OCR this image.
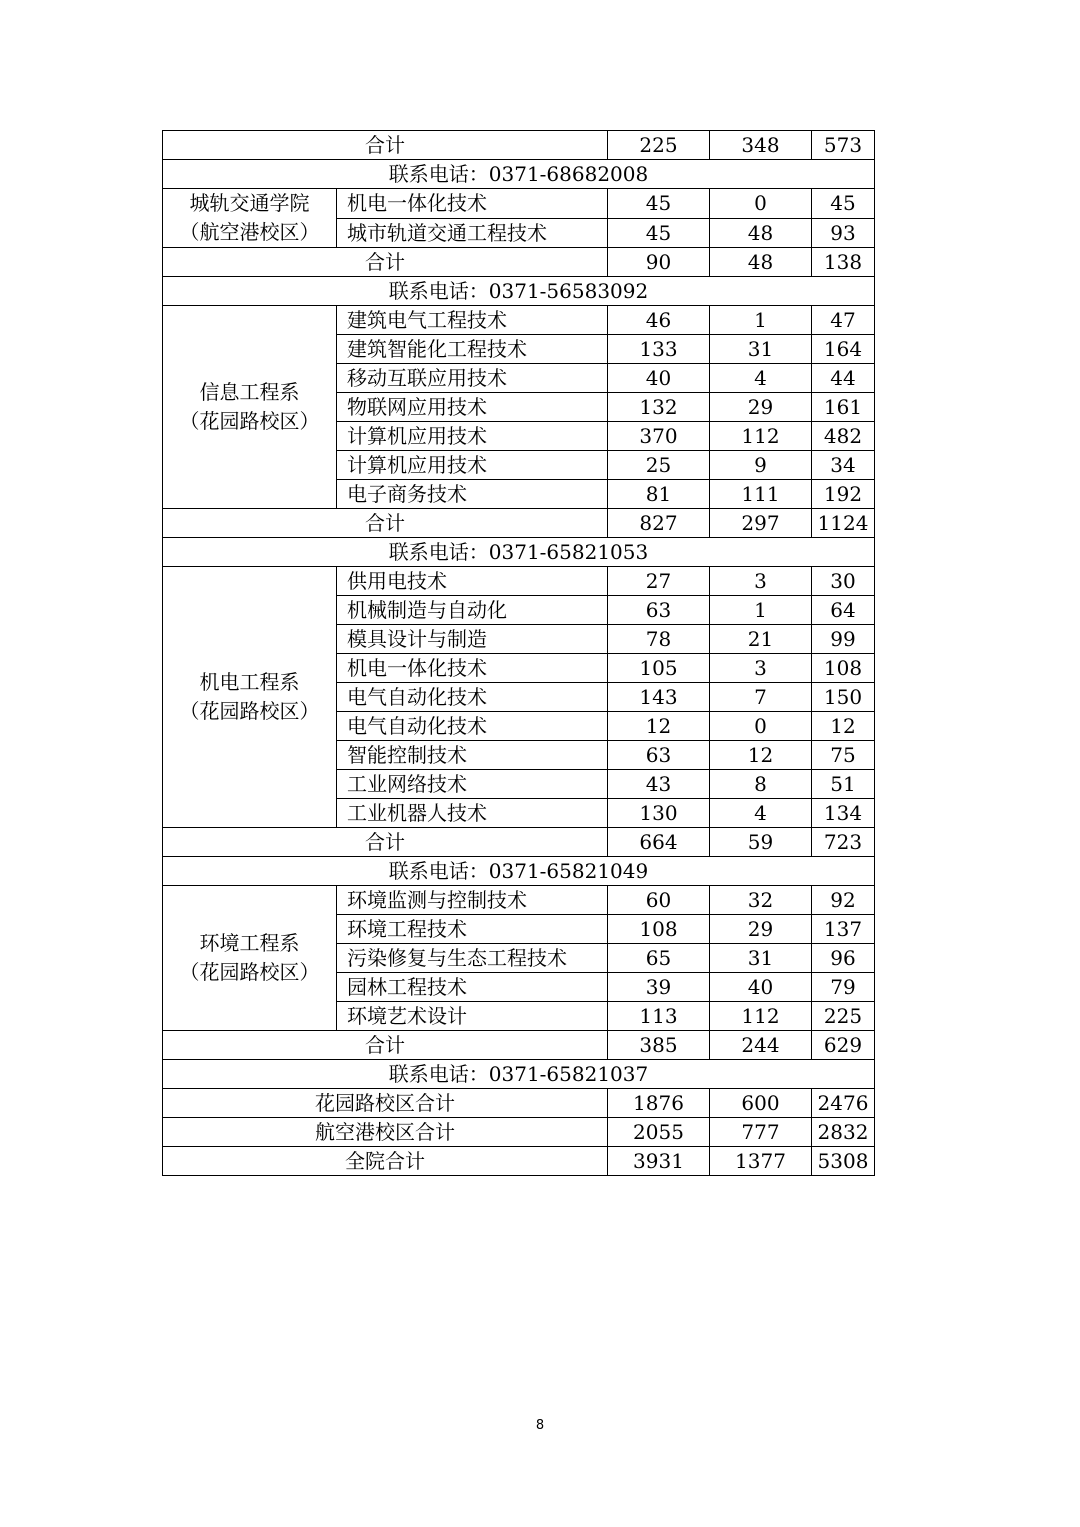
合计		225	348	573
联系电话：0371-68682008				

城轨交通学院
（航空港校区）	机电一体化技术	45	0	45
	城市轨道交通工程技术	45	48	93
合计		90	48	138
联系电话：0371-56583092				

信息工程系
（花园路校区）	建筑电气工程技术	46	1	47
	建筑智能化工程技术	133	31	164
	移动互联应用技术	40	4	44
	物联网应用技术	132	29	161
	计算机应用技术	370	112	482
	计算机应用技术	25	9	34
	电子商务技术	81	111	192
合计		827	297	1124
联系电话：0371-65821053				

机电工程系
（花园路校区）	供用电技术	27	3	30
	机械制造与自动化	63	1	64
	模具设计与制造	78	21	99
	机电一体化技术	105	3	108
	电气自动化技术	143	7	150
	电气自动化技术	12	0	12
	智能控制技术	63	12	75
	工业网络技术	43	8	51
	工业机器人技术	130	4	134
合计		664	59	723
联系电话：0371-65821049				

环境工程系
（花园路校区）	环境监测与控制技术	60	32	92
	环境工程技术	108	29	137
	污染修复与生态工程技术	65	31	96
	园林工程技术	39	40	79
	环境艺术设计	113	112	225
合计		385	244	629
联系电话：0371-65821037				
花园路校区合计		1876	600	2476
航空港校区合计		2055	777	2832
全院合计		3931	1377	5308
8
